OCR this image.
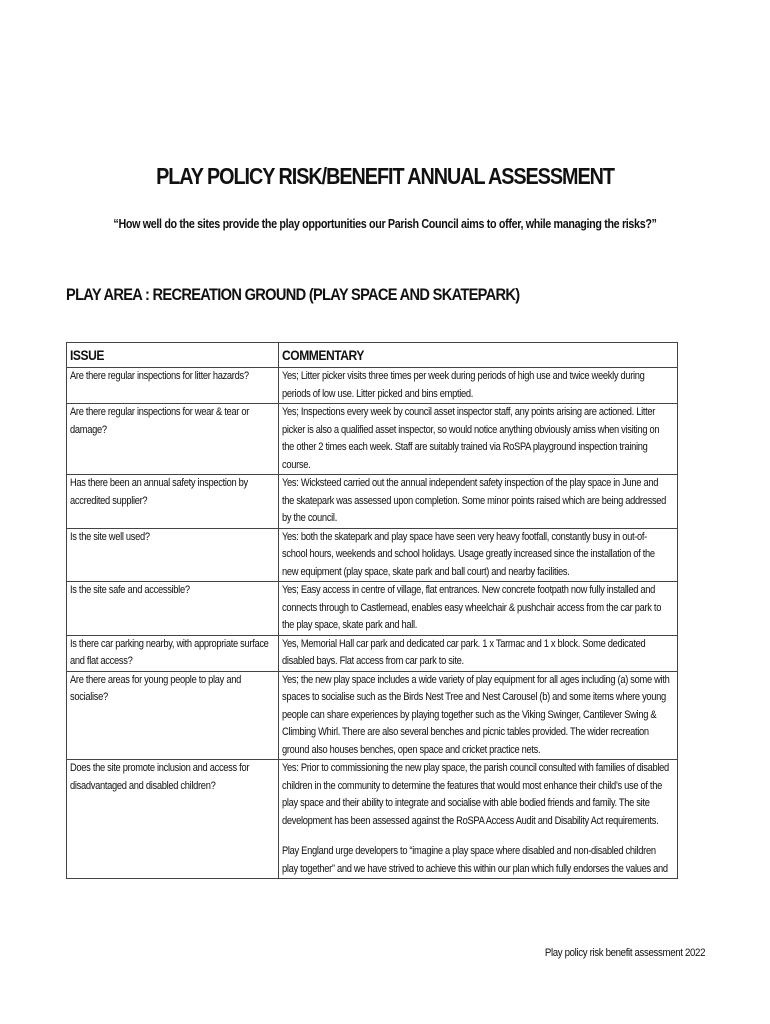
PLAY POLICY RISK/BENEFIT ANNUAL ASSESSMENT
“How well do the sites provide the play opportunities our Parish Council aims to offer, while managing the risks?”
PLAY AREA : RECREATION GROUND (PLAY SPACE AND SKATEPARK)
ISSUE	COMMENTARY
Are there regular inspections for litter hazards?	Yes; Litter picker visits three times per week during periods of high use and twice weekly during periods of low use. Litter picked and bins emptied.

Are there regular inspections for wear & tear or damage?	Yes; Inspections every week by council asset inspector staff, any points arising are actioned. Litter picker is also a qualified asset inspector, so would notice anything obviously amiss when visiting on the other 2 times each week. Staff are suitably trained via RoSPA playground inspection training course.

Has there been an annual safety inspection by accredited supplier?	Yes: Wicksteed carried out the annual independent safety inspection of the play space in June and the skatepark was assessed upon completion. Some minor points raised which are being addressed by the council.

Is the site well used?	Yes: both the skatepark and play space have seen very heavy footfall, constantly busy in out-of-school hours, weekends and school holidays. Usage greatly increased since the installation of the new equipment (play space, skate park and ball court) and nearby facilities.

Is the site safe and accessible?	Yes; Easy access in centre of village, flat entrances. New concrete footpath now fully installed and connects through to Castlemead, enables easy wheelchair & pushchair access from the car park to the play space, skate park and hall.

Is there car parking nearby, with appropriate surface and flat access?	Yes, Memorial Hall car park and dedicated car park. 1 x Tarmac and 1 x block. Some dedicated disabled bays. Flat access from car park to site.

Are there areas for young people to play and socialise?	Yes; the new play space includes a wide variety of play equipment for all ages including (a) some with spaces to socialise such as the Birds Nest Tree and Nest Carousel (b) and some items where young people can share experiences by playing together such as the Viking Swinger, Cantilever Swing & Climbing Whirl. There are also several benches and picnic tables provided. The wider recreation ground also houses benches, open space and cricket practice nets.

Does the site promote inclusion and access for disadvantaged and disabled children?	Yes: Prior to commissioning the new play space, the parish council consulted with families of disabled children in the community to determine the features that would most enhance their child’s use of the play space and their ability to integrate and socialise with able bodied friends and family. The site development has been assessed against the RoSPA Access Audit and Disability Act requirements.

Play England urge developers to “imagine a play space where disabled and non-disabled children play together” and we have strived to achieve this within our plan which fully endorses the values and

Play policy risk benefit assessment 2022
